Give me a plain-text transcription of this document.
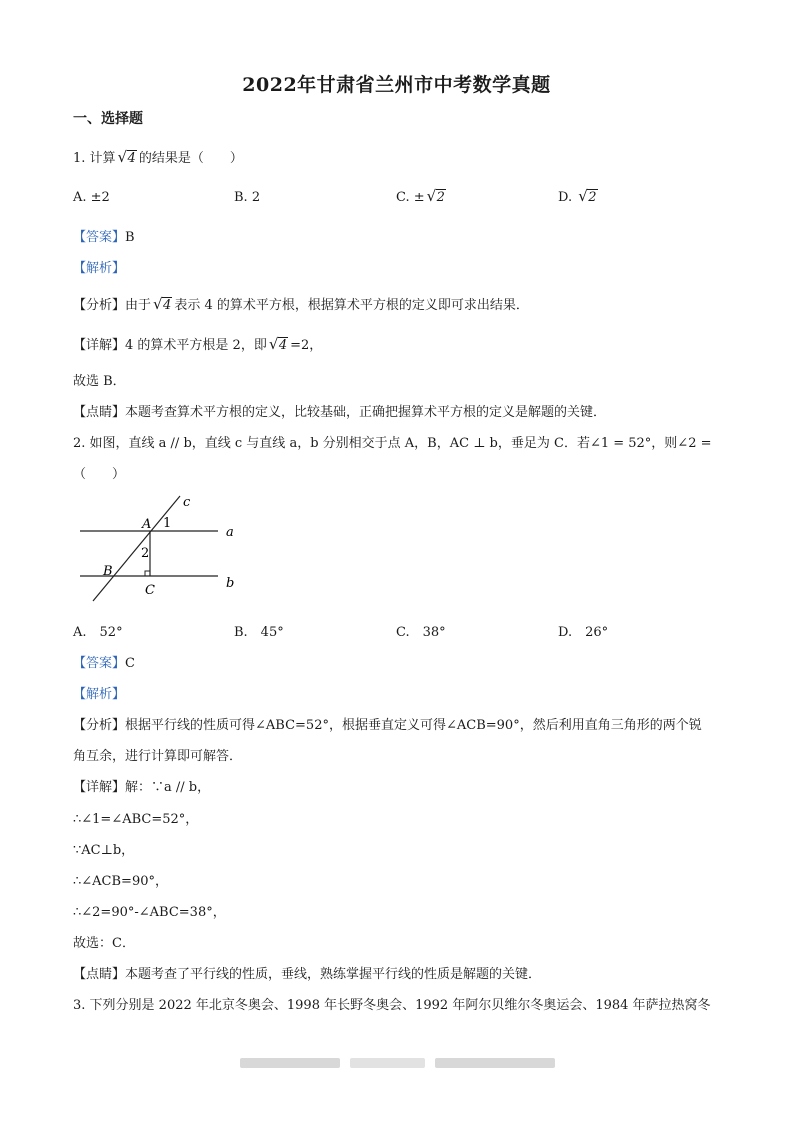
2022年甘肃省兰州市中考数学真题
一、选择题
1. 计算 √ 4 的结果是（　　）
A. ±2	B. 2	C. ± √ 2	D. √ 2
【答案】B
【解析】
【分析】由于 √ 4 表示 4 的算术平方根，根据算术平方根的定义即可求出结果．
【详解】4 的算术平方根是 2，即 √ 4 =2，
故选 B．
【点睛】本题考查算术平方根的定义，比较基础，正确把握算术平方根的定义是解题的关键．
2. 如图，直线 a // b，直线 c 与直线 a，b 分别相交于点 A，B，AC ⊥ b，垂足为 C．若∠1 = 52°，则∠2 =
（　　）
c
A 1
a
2
B
b
C
A.　52°	B.　45°	C.　38°	D.　26°
【答案】C
【解析】
【分析】根据平行线的性质可得∠ABC=52°，根据垂直定义可得∠ACB=90°，然后利用直角三角形的两个锐
角互余，进行计算即可解答．
【详解】解：∵a // b，
∴∠1=∠ABC=52°，
∵AC⊥b，
∴∠ACB=90°，
∴∠2=90°-∠ABC=38°，
故选：C．
【点睛】本题考查了平行线的性质，垂线，熟练掌握平行线的性质是解题的关键．
3. 下列分别是 2022 年北京冬奥会、1998 年长野冬奥会、1992 年阿尔贝维尔冬奥运会、1984 年萨拉热窝冬
